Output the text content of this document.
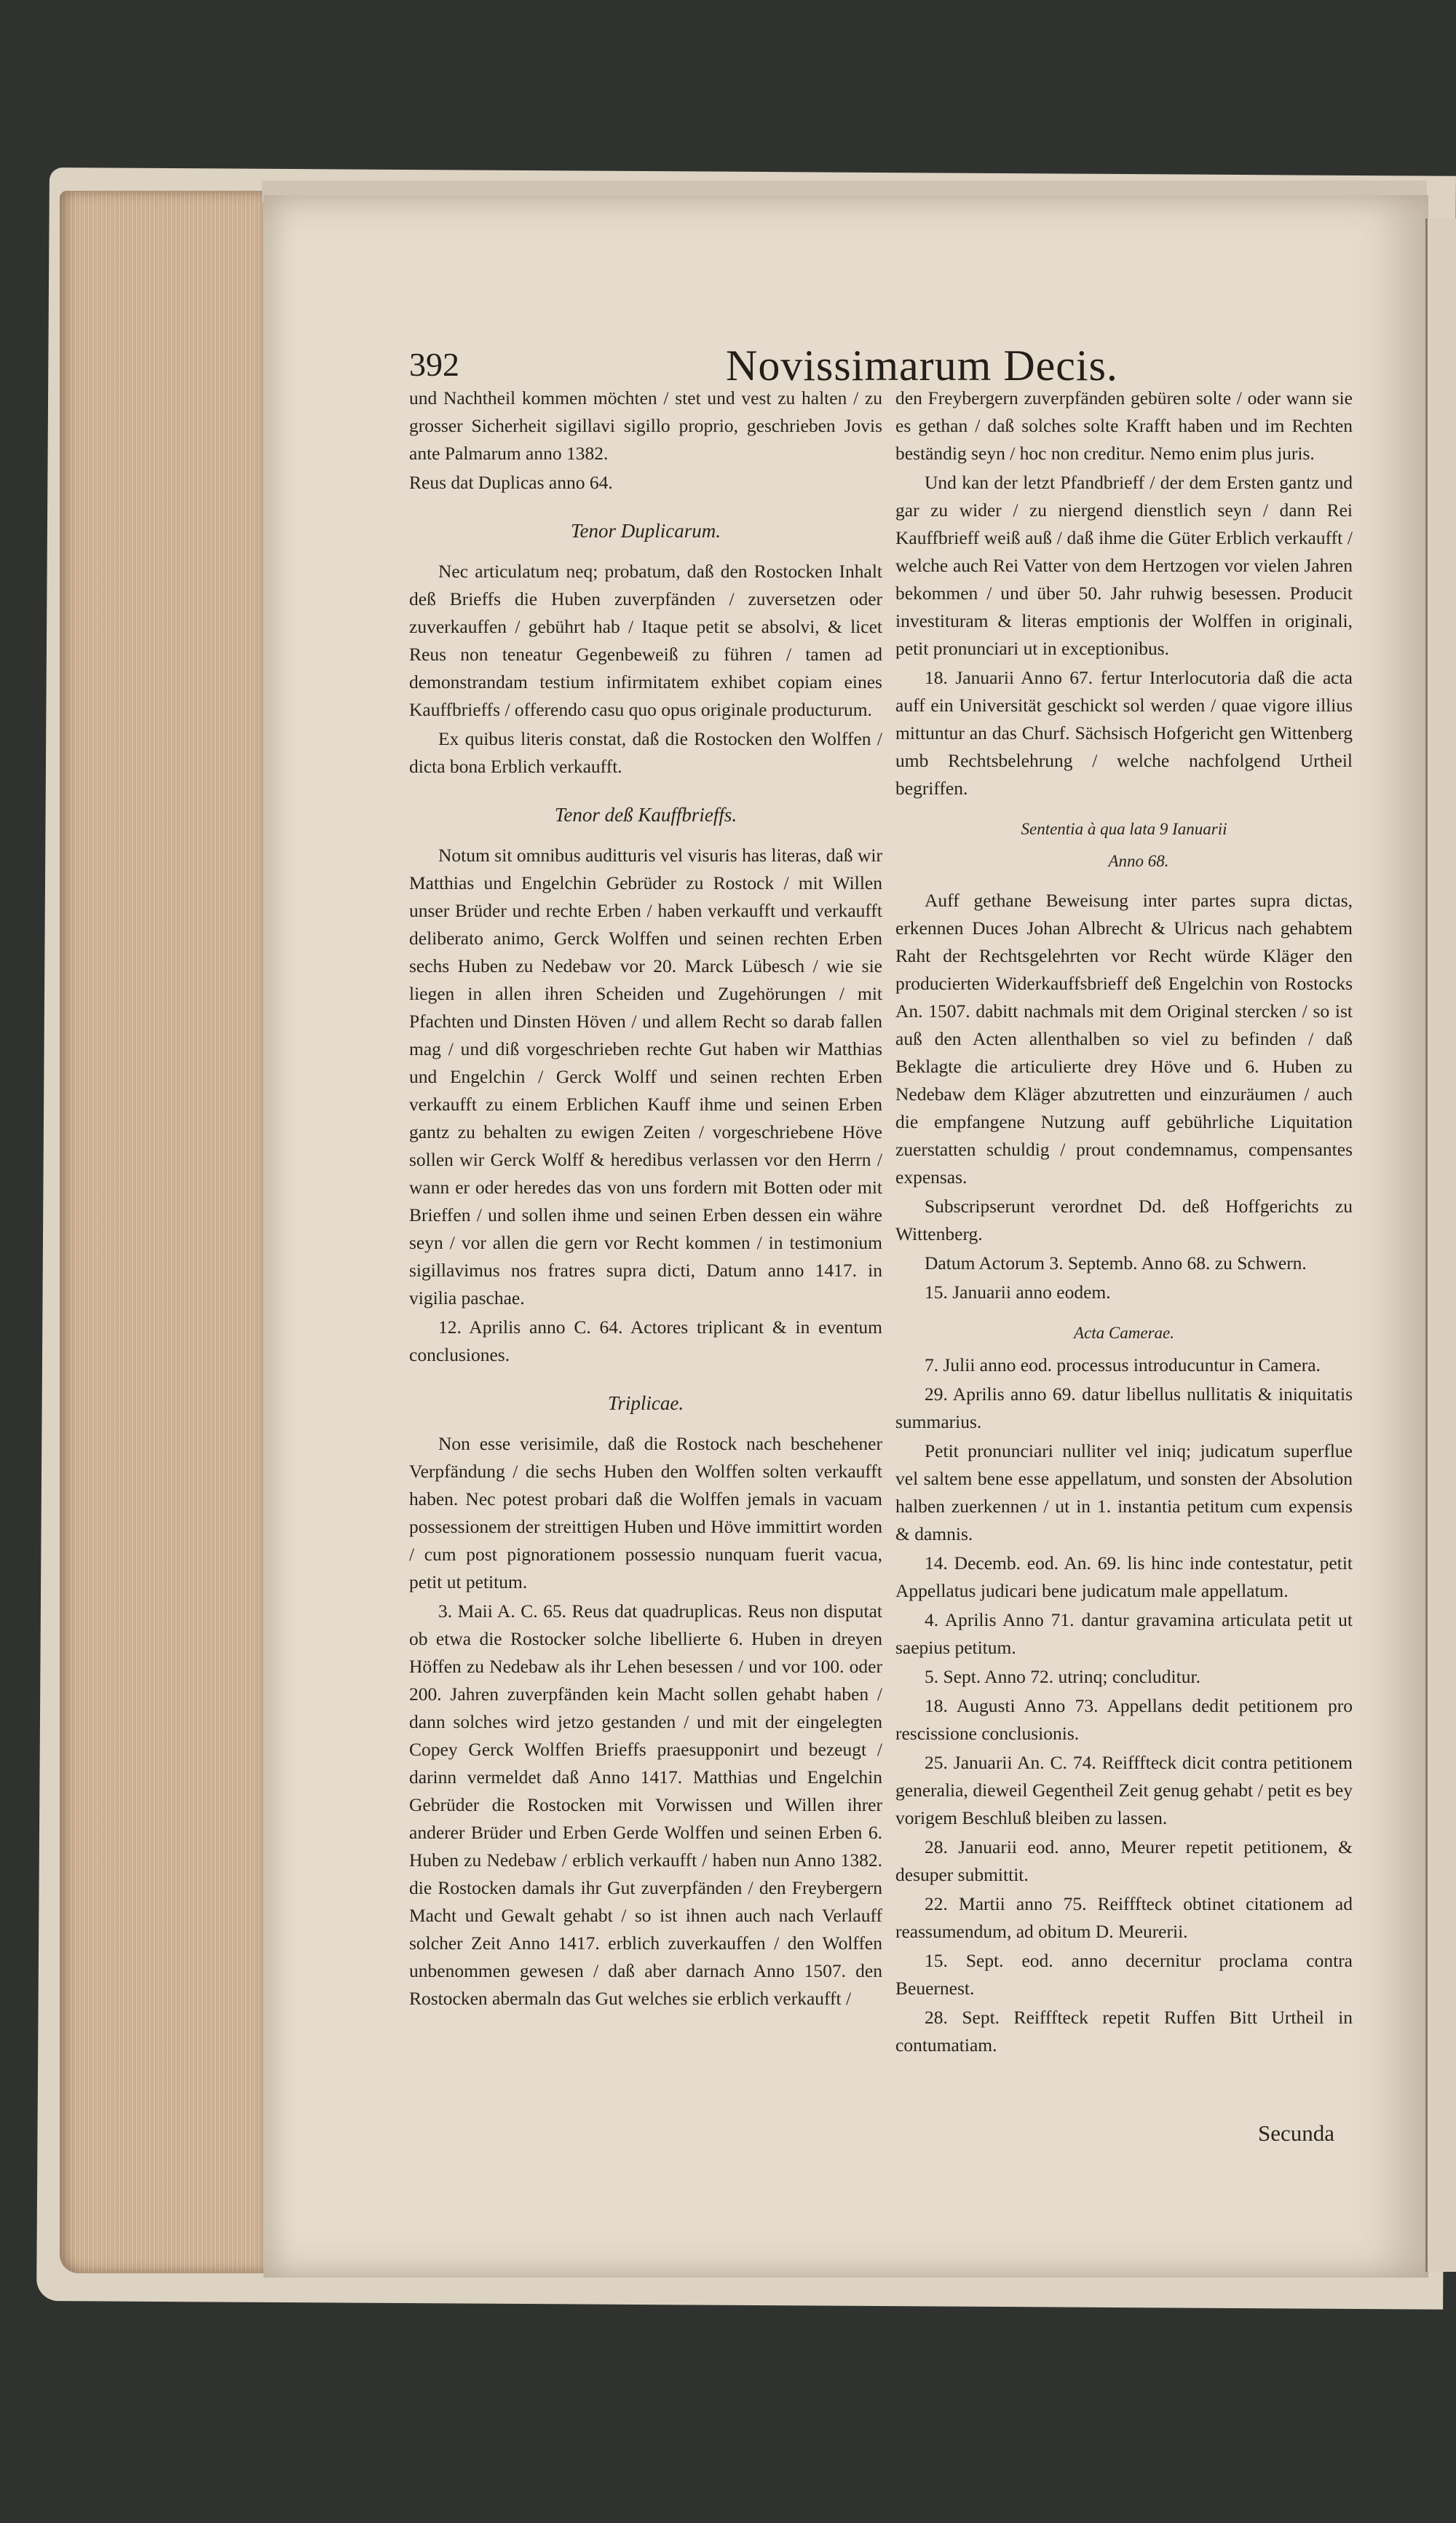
392	Novissimarum Decis.

und Nachtheil kommen möchten / stet und vest zu halten / zu grosser Sicherheit sigillavi sigillo proprio, geschrieben Jovis ante Palmarum anno 1382.

Reus dat Duplicas anno 64.

Tenor Duplicarum.

Nec articulatum neq; probatum, daß den Rostocken Inhalt deß Brieffs die Huben zuverpfänden / zuversetzen oder zuverkauffen / gebührt hab / Itaque petit se absolvi, & licet Reus non teneatur Gegenbeweiß zu führen / tamen ad demonstrandam testium infirmitatem exhibet copiam eines Kauffbrieffs / offerendo casu quo opus originale producturum.

Ex quibus literis constat, daß die Rostocken den Wolffen / dicta bona Erblich verkaufft.

Tenor deß Kauffbrieffs.

Notum sit omnibus auditturis vel visuris has literas, daß wir Matthias und Engelchin Gebrüder zu Rostock / mit Willen unser Brüder und rechte Erben / haben verkaufft und verkaufft deliberato animo, Gerck Wolffen und seinen rechten Erben sechs Huben zu Nedebaw vor 20. Marck Lübesch / wie sie liegen in allen ihren Scheiden und Zugehörungen / mit Pfachten und Dinsten Höven / und allem Recht so darab fallen mag / und diß vorgeschrieben rechte Gut haben wir Matthias und Engelchin / Gerck Wolff und seinen rechten Erben verkaufft zu einem Erblichen Kauff ihme und seinen Erben gantz zu behalten zu ewigen Zeiten / vorgeschriebene Höve sollen wir Gerck Wolff & heredibus verlassen vor den Herrn / wann er oder heredes das von uns fordern mit Botten oder mit Brieffen / und sollen ihme und seinen Erben dessen ein währe seyn / vor allen die gern vor Recht kommen / in testimonium sigillavimus nos fratres supra dicti, Datum anno 1417. in vigilia paschae.

12. Aprilis anno C. 64. Actores triplicant & in eventum conclusiones.

Triplicae.

Non esse verisimile, daß die Rostock nach beschehener Verpfändung / die sechs Huben den Wolffen solten verkaufft haben. Nec potest probari daß die Wolffen jemals in vacuam possessionem der streittigen Huben und Höve immittirt worden / cum post pignorationem possessio nunquam fuerit vacua, petit ut petitum.

3. Maii A. C. 65. Reus dat quadruplicas. Reus non disputat ob etwa die Rostocker solche libellierte 6. Huben in dreyen Höffen zu Nedebaw als ihr Lehen besessen / und vor 100. oder 200. Jahren zuverpfänden kein Macht sollen gehabt haben / dann solches wird jetzo gestanden / und mit der eingelegten Copey Gerck Wolffen Brieffs praesupponirt und bezeugt / darinn vermeldet daß Anno 1417. Matthias und Engelchin Gebrüder die Rostocken mit Vorwissen und Willen ihrer anderer Brüder und Erben Gerde Wolffen und seinen Erben 6. Huben zu Nedebaw / erblich verkaufft / haben nun Anno 1382. die Rostocken damals ihr Gut zuverpfänden / den Freybergern Macht und Gewalt gehabt / so ist ihnen auch nach Verlauff solcher Zeit Anno 1417. erblich zuverkauffen / den Wolffen unbenommen gewesen / daß aber darnach Anno 1507. den Rostocken abermaln das Gut welches sie erblich verkaufft /

den Freybergern zuverpfänden gebüren solte / oder wann sie es gethan / daß solches solte Krafft haben und im Rechten beständig seyn / hoc non creditur. Nemo enim plus juris.

Und kan der letzt Pfandbrieff / der dem Ersten gantz und gar zu wider / zu niergend dienstlich seyn / dann Rei Kauffbrieff weiß auß / daß ihme die Güter Erblich verkaufft / welche auch Rei Vatter von dem Hertzogen vor vielen Jahren bekommen / und über 50. Jahr ruhwig besessen. Producit investituram & literas emptionis der Wolffen in originali, petit pronunciari ut in exceptionibus.

18. Januarii Anno 67. fertur Interlocutoria daß die acta auff ein Universität geschickt sol werden / quae vigore illius mittuntur an das Churf. Sächsisch Hofgericht gen Wittenberg umb Rechtsbelehrung / welche nachfolgend Urtheil begriffen.

Sententia à qua lata 9 Ianuarii

Anno 68.

Auff gethane Beweisung inter partes supra dictas, erkennen Duces Johan Albrecht & Ulricus nach gehabtem Raht der Rechtsgelehrten vor Recht würde Kläger den producierten Widerkauffsbrieff deß Engelchin von Rostocks An. 1507. dabitt nachmals mit dem Original stercken / so ist auß den Acten allenthalben so viel zu befinden / daß Beklagte die articulierte drey Höve und 6. Huben zu Nedebaw dem Kläger abzutretten und einzuräumen / auch die empfangene Nutzung auff gebührliche Liquitation zuerstatten schuldig / prout condemnamus, compensantes expensas.

Subscripserunt verordnet Dd. deß Hoffgerichts zu Wittenberg.

Datum Actorum 3. Septemb. Anno 68. zu Schwern.

15. Januarii anno eodem.

Acta Camerae.

7. Julii anno eod. processus introducuntur in Camera.

29. Aprilis anno 69. datur libellus nullitatis & iniquitatis summarius.

Petit pronunciari nulliter vel iniq; judicatum superflue vel saltem bene esse appellatum, und sonsten der Absolution halben zuerkennen / ut in 1. instantia petitum cum expensis & damnis.

14. Decemb. eod. An. 69. lis hinc inde contestatur, petit Appellatus judicari bene judicatum male appellatum.

4. Aprilis Anno 71. dantur gravamina articulata petit ut saepius petitum.

5. Sept. Anno 72. utrinq; concluditur.

18. Augusti Anno 73. Appellans dedit petitionem pro rescissione conclusionis.

25. Januarii An. C. 74. Reifffteck dicit contra petitionem generalia, dieweil Gegentheil Zeit genug gehabt / petit es bey vorigem Beschluß bleiben zu lassen.

28. Januarii eod. anno, Meurer repetit petitionem, & desuper submittit.

22. Martii anno 75. Reifffteck obtinet citationem ad reassumendum, ad obitum D. Meurerii.

15. Sept. eod. anno decernitur proclama contra Beuernest.

28. Sept. Reifffteck repetit Ruffen Bitt Urtheil in contumatiam.

Secunda
